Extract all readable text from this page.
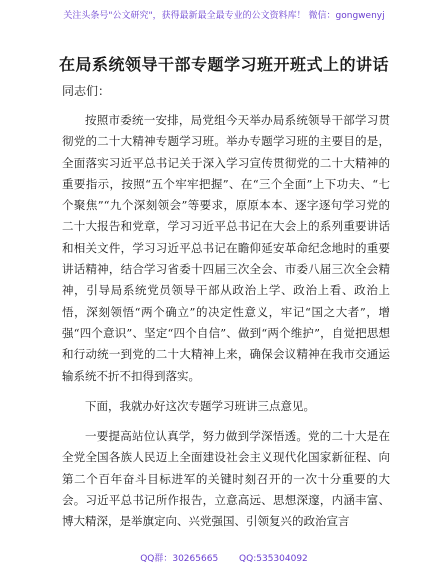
关注头条号"公文研究"，获得最新最全最专业的公文资料库！ 微信：gongwenyj
在局系统领导干部专题学习班开班式上的讲话
同志们：

按照市委统一安排，局党组今天举办局系统领导干部学习贯彻党的二十大精神专题学习班。举办专题学习班的主要目的是，全面落实习近平总书记关于深入学习宣传贯彻党的二十大精神的重要指示，按照“五个牢牢把握”、在“三个全面”上下功夫、“七个聚焦”“九个深刻领会”等要求，原原本本、逐字逐句学习党的二十大报告和党章，学习习近平总书记在大会上的系列重要讲话和相关文件，学习习近平总书记在瞻仰延安革命纪念地时的重要讲话精神，结合学习省委十四届三次全会、市委八届三次全会精神，引导局系统党员领导干部从政治上学、政治上看、政治上悟，深刻领悟“两个确立”的决定性意义，牢记“国之大者”，增强“四个意识”、坚定“四个自信”、做到“两个维护”，自觉把思想和行动统一到党的二十大精神上来，确保会议精神在我市交通运输系统不折不扣得到落实。

下面，我就办好这次专题学习班讲三点意见。

一要提高站位认真学，努力做到学深悟透。党的二十大是在全党全国各族人民迈上全面建设社会主义现代化国家新征程、向第二个百年奋斗目标进军的关键时刻召开的一次十分重要的大会。习近平总书记所作报告，立意高远、思想深邃，内涵丰富、博大精深，是举旗定向、兴党强国、引领复兴的政治宣言

QQ群：30265665 QQ:535304092
